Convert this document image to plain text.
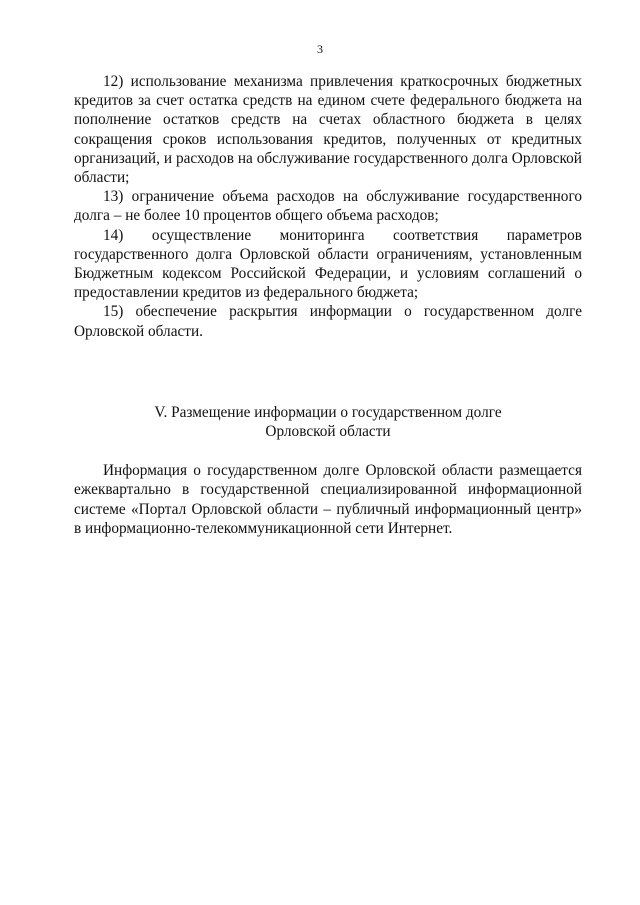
3

12) использование механизма привлечения краткосрочных бюджетных кредитов за счет остатка средств на едином счете федерального бюджета на пополнение остатков средств на счетах областного бюджета в целях сокращения сроков использования кредитов, полученных от кредитных организаций, и расходов на обслуживание государственного долга Орловской области;

13) ограничение объема расходов на обслуживание государственного долга – не более 10 процентов общего объема расходов;

14) осуществление мониторинга соответствия параметров государственного долга Орловской области ограничениям, установленным Бюджетным кодексом Российской Федерации, и условиям соглашений о предоставлении кредитов из федерального бюджета;

15) обеспечение раскрытия информации о государственном долге Орловской области.

V. Размещение информации о государственном долге

Орловской области

Информация о государственном долге Орловской области размещается ежеквартально в государственной специализированной информационной системе «Портал Орловской области – публичный информационный центр» в информационно-телекоммуникационной сети Интернет.
